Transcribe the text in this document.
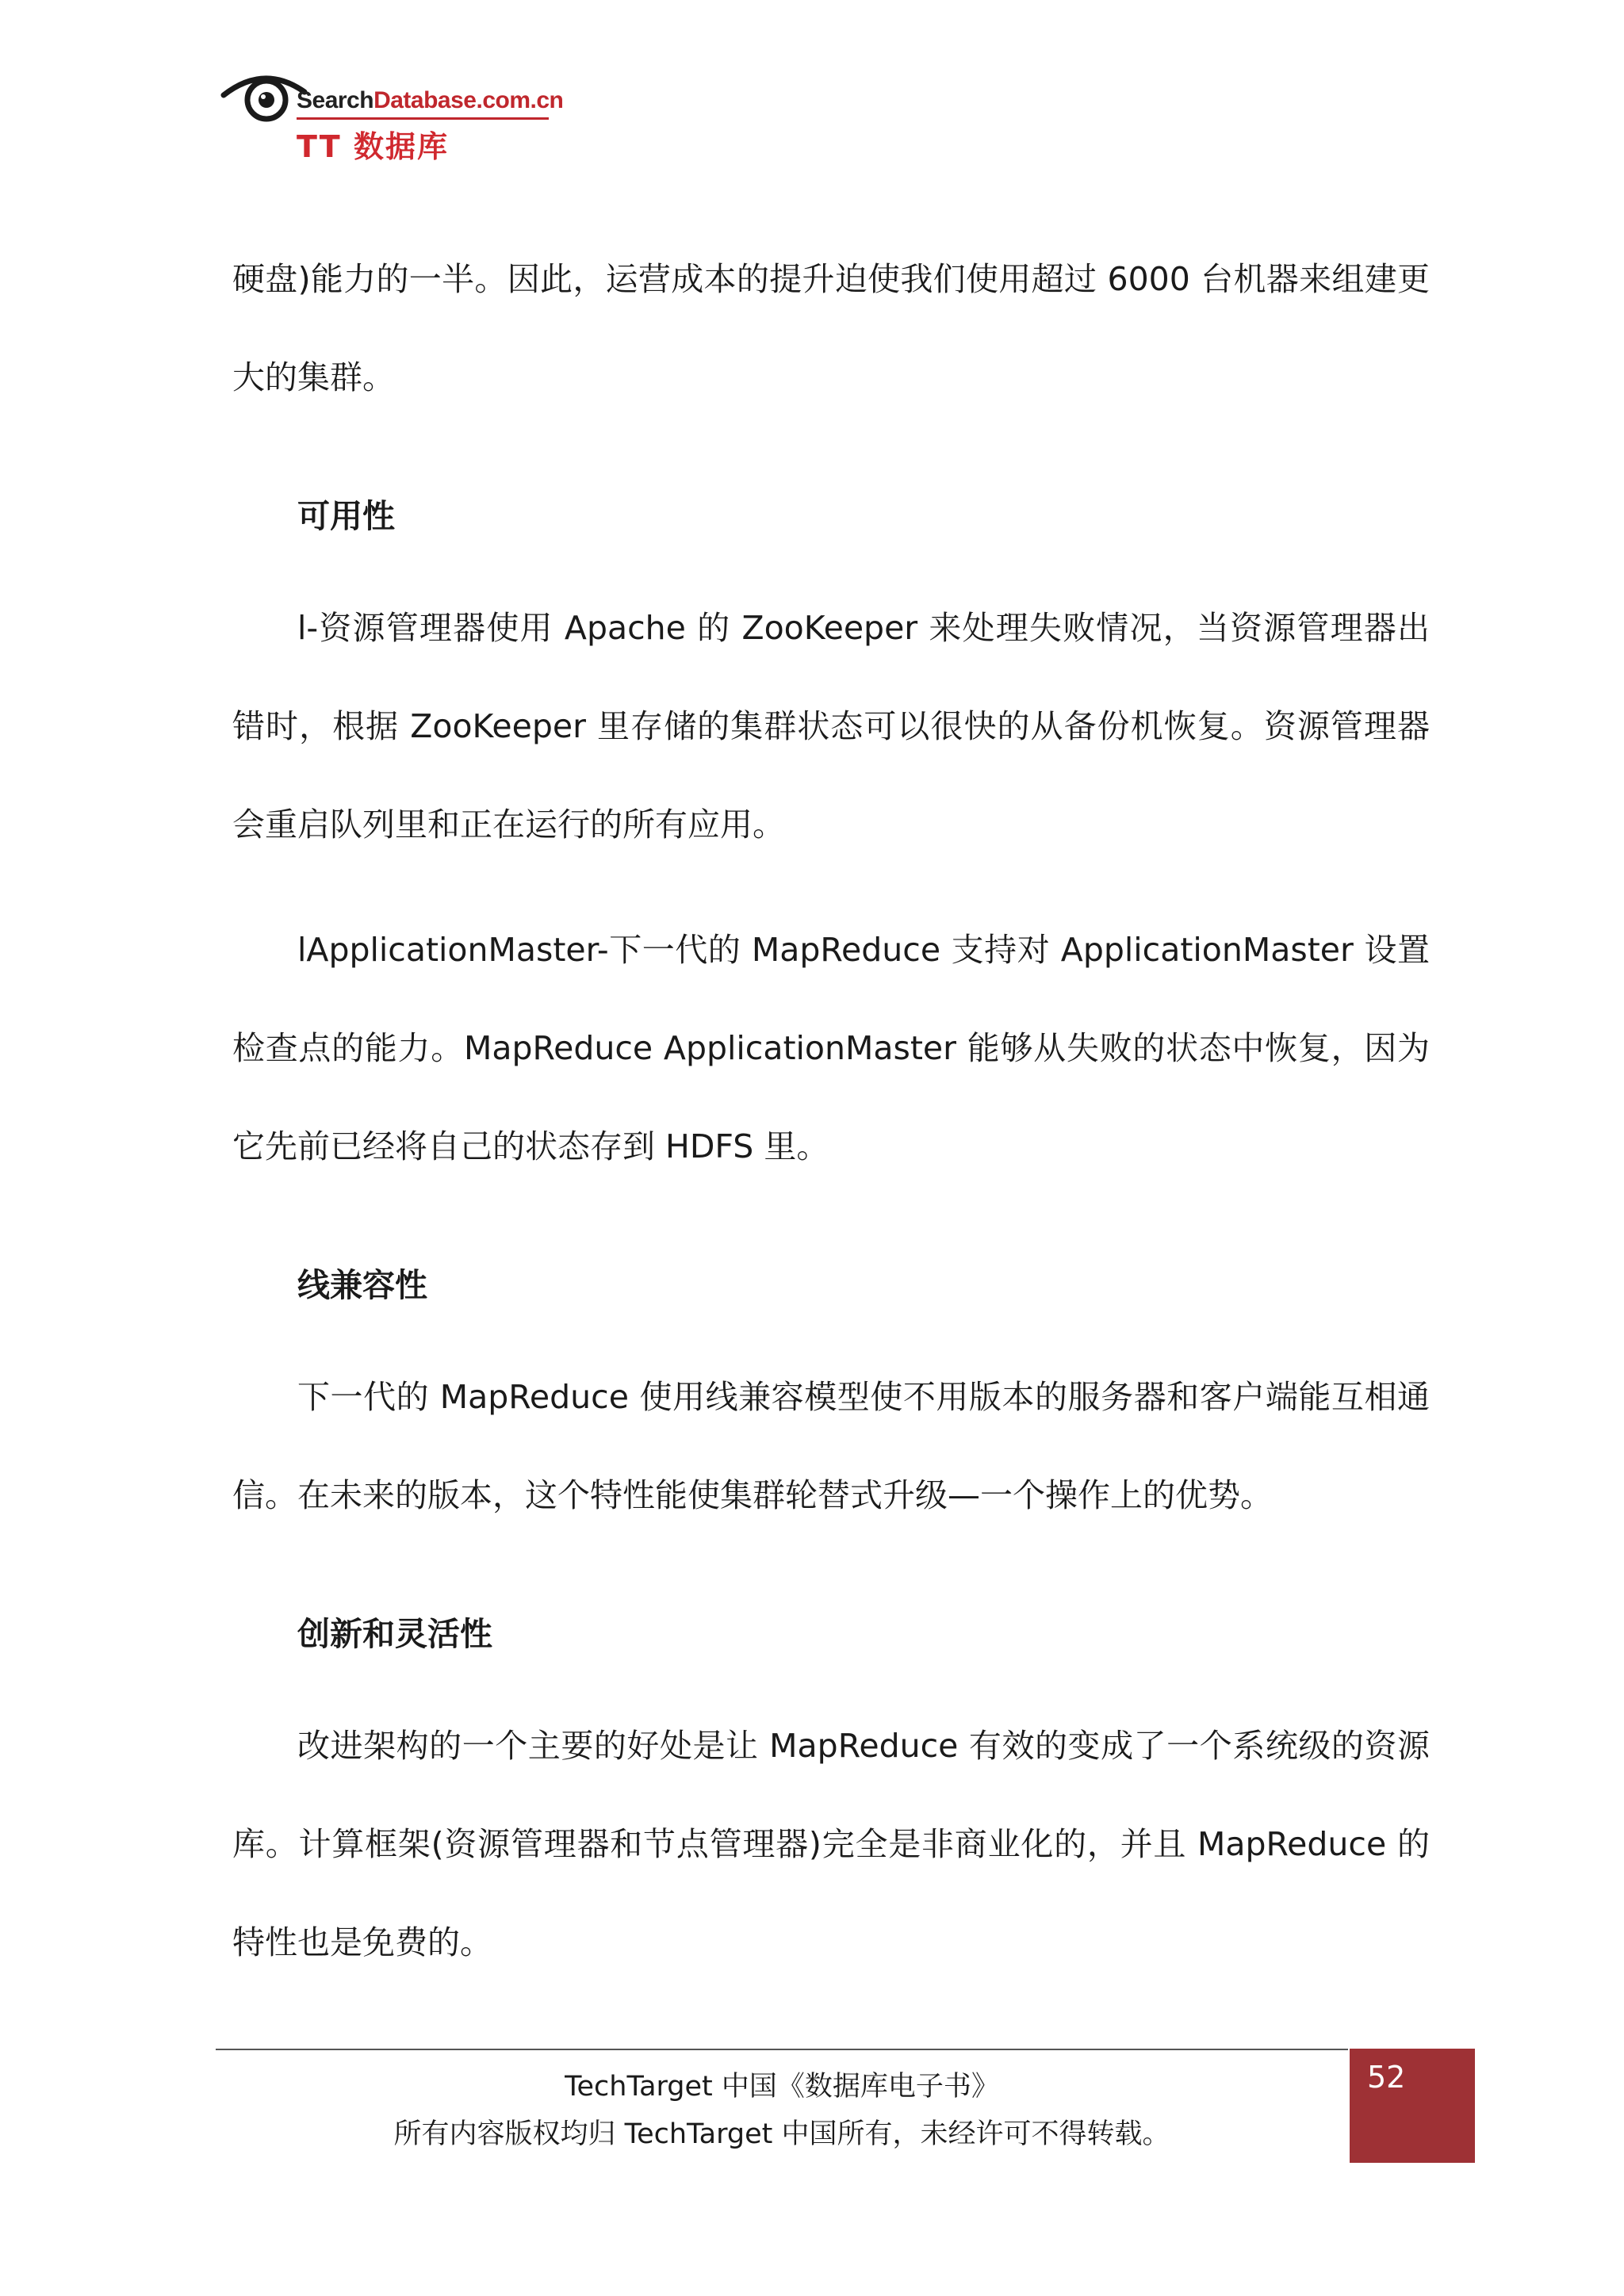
SearchDatabase.com.cn
TT 数据库

硬盘)能力的一半。因此，运营成本的提升迫使我们使用超过 6000 台机器来组建更大的集群。

可用性

l-资源管理器使用 Apache 的 ZooKeeper 来处理失败情况，当资源管理器出错时，根据 ZooKeeper 里存储的集群状态可以很快的从备份机恢复。资源管理器会重启队列里和正在运行的所有应用。

lApplicationMaster-下一代的 MapReduce 支持对 ApplicationMaster 设置检查点的能力。MapReduce ApplicationMaster 能够从失败的状态中恢复，因为它先前已经将自己的状态存到 HDFS 里。

线兼容性

下一代的 MapReduce 使用线兼容模型使不用版本的服务器和客户端能互相通信。在未来的版本，这个特性能使集群轮替式升级—一个操作上的优势。

创新和灵活性

改进架构的一个主要的好处是让 MapReduce 有效的变成了一个系统级的资源库。计算框架(资源管理器和节点管理器)完全是非商业化的，并且 MapReduce 的特性也是免费的。

TechTarget 中国《数据库电子书》
所有内容版权均归 TechTarget 中国所有，未经许可不得转载。
52
